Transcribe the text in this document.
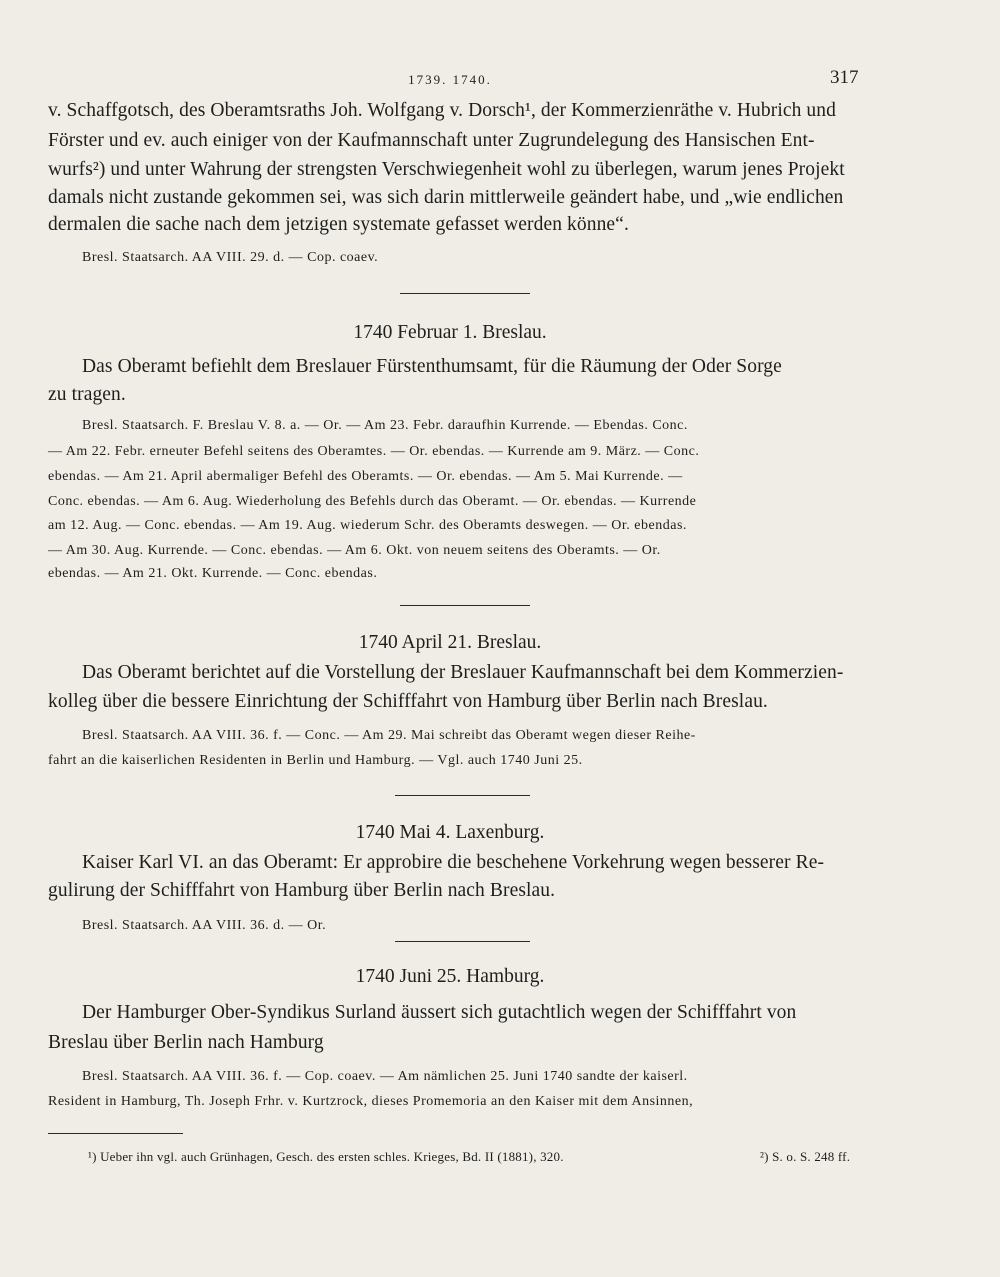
1739. 1740.	317
v. Schaffgotsch, des Oberamtsraths Joh. Wolfgang v. Dorsch¹, der Kommerzienräthe v. Hubrich und
Förster und ev. auch einiger von der Kaufmannschaft unter Zugrundelegung des Hansischen Ent-
wurfs²) und unter Wahrung der strengsten Verschwiegenheit wohl zu überlegen, warum jenes Projekt
damals nicht zustande gekommen sei, was sich darin mittlerweile geändert habe, und „wie endlichen
dermalen die sache nach dem jetzigen systemate gefasset werden könne“.
Bresl. Staatsarch. AA VIII. 29. d. — Cop. coaev.
1740 Februar 1. Breslau.
Das Oberamt befiehlt dem Breslauer Fürstenthumsamt, für die Räumung der Oder Sorge
zu tragen.
Bresl. Staatsarch. F. Breslau V. 8. a. — Or. — Am 23. Febr. daraufhin Kurrende. — Ebendas. Conc.
— Am 22. Febr. erneuter Befehl seitens des Oberamtes. — Or. ebendas. — Kurrende am 9. März. — Conc.
ebendas. — Am 21. April abermaliger Befehl des Oberamts. — Or. ebendas. — Am 5. Mai Kurrende. —
Conc. ebendas. — Am 6. Aug. Wiederholung des Befehls durch das Oberamt. — Or. ebendas. — Kurrende
am 12. Aug. — Conc. ebendas. — Am 19. Aug. wiederum Schr. des Oberamts deswegen. — Or. ebendas.
— Am 30. Aug. Kurrende. — Conc. ebendas. — Am 6. Okt. von neuem seitens des Oberamts. — Or.
ebendas. — Am 21. Okt. Kurrende. — Conc. ebendas.
1740 April 21. Breslau.
Das Oberamt berichtet auf die Vorstellung der Breslauer Kaufmannschaft bei dem Kommerzien-
kolleg über die bessere Einrichtung der Schifffahrt von Hamburg über Berlin nach Breslau.
Bresl. Staatsarch. AA VIII. 36. f. — Conc. — Am 29. Mai schreibt das Oberamt wegen dieser Reihe-
fahrt an die kaiserlichen Residenten in Berlin und Hamburg. — Vgl. auch 1740 Juni 25.
1740 Mai 4. Laxenburg.
Kaiser Karl VI. an das Oberamt: Er approbire die beschehene Vorkehrung wegen besserer Re-
gulirung der Schifffahrt von Hamburg über Berlin nach Breslau.
Bresl. Staatsarch. AA VIII. 36. d. — Or.
1740 Juni 25. Hamburg.
Der Hamburger Ober-Syndikus Surland äussert sich gutachtlich wegen der Schifffahrt von
Breslau über Berlin nach Hamburg
Bresl. Staatsarch. AA VIII. 36. f. — Cop. coaev. — Am nämlichen 25. Juni 1740 sandte der kaiserl.
Resident in Hamburg, Th. Joseph Frhr. v. Kurtzrock, dieses Promemoria an den Kaiser mit dem Ansinnen,
¹) Ueber ihn vgl. auch Grünhagen, Gesch. des ersten schles. Krieges, Bd. II (1881), 320.	²) S. o. S. 248 ff.
